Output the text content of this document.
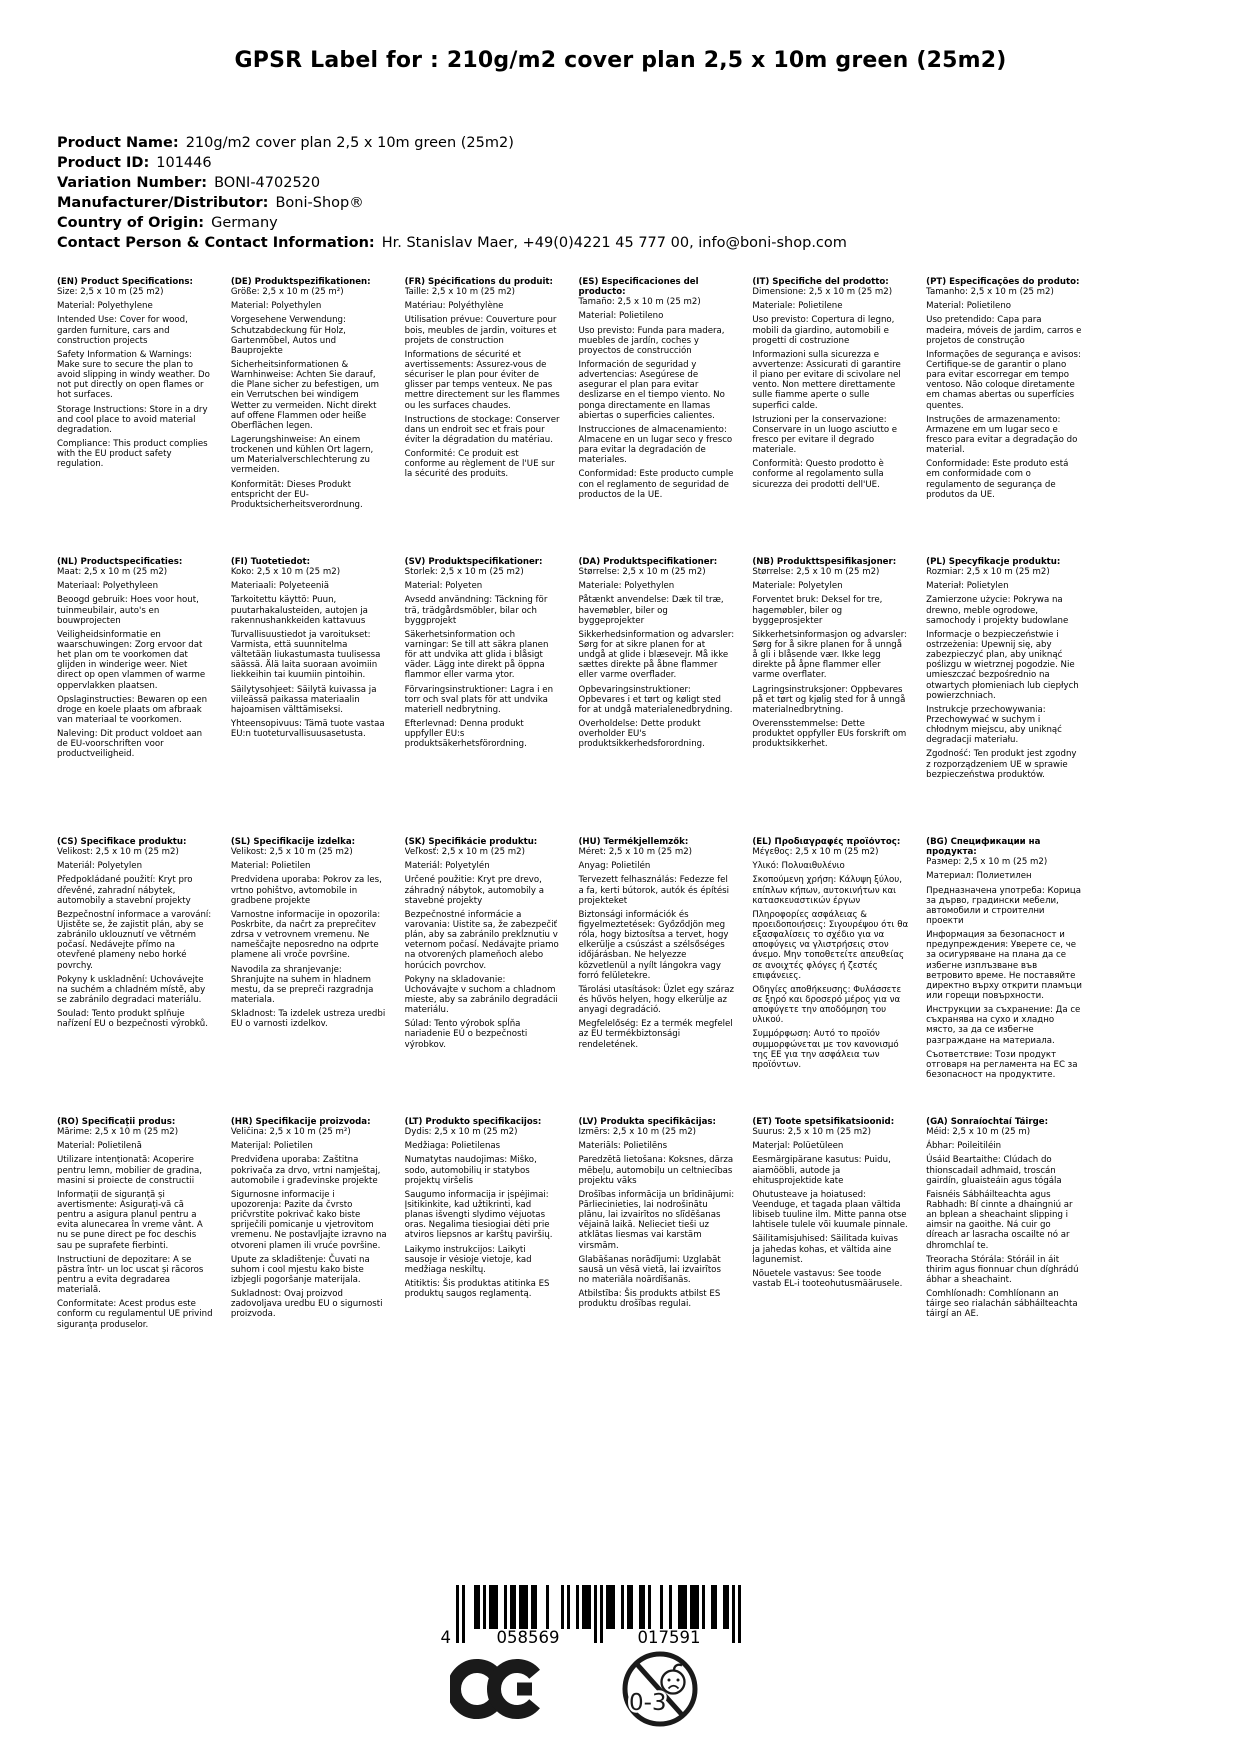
GPSR Label for : 210g/m2 cover plan 2,5 x 10m green (25m2)
Product Name: 210g/m2 cover plan 2,5 x 10m green (25m2)
Product ID: 101446
Variation Number: BONI-4702520
Manufacturer/Distributor: Boni-Shop®
Country of Origin: Germany
Contact Person & Contact Information: Hr. Stanislav Maer, +49(0)4221 45 777 00, info@boni-shop.com
(EN) Product Specifications:
Size: 2,5 x 10 m (25 m2)

Material: Polyethylene

Intended Use: Cover for wood, garden furniture, cars and construction projects

Safety Information & Warnings: Make sure to secure the plan to avoid slipping in windy weather. Do not put directly on open flames or hot surfaces.

Storage Instructions: Store in a dry and cool place to avoid material degradation.

Compliance: This product complies with the EU product safety regulation.

(DE) Produktspezifikationen:
Größe: 2,5 x 10 m (25 m²)

Material: Polyethylen

Vorgesehene Verwendung: Schutzabdeckung für Holz, Gartenmöbel, Autos und Bauprojekte

Sicherheitsinformationen & Warnhinweise: Achten Sie darauf, die Plane sicher zu befestigen, um ein Verrutschen bei windigem Wetter zu vermeiden. Nicht direkt auf offene Flammen oder heiße Oberflächen legen.

Lagerungshinweise: An einem trockenen und kühlen Ort lagern, um Materialverschlechterung zu vermeiden.

Konformität: Dieses Produkt entspricht der EU-Produktsicherheitsverordnung.

(FR) Spécifications du produit:
Taille: 2,5 x 10 m (25 m2)

Matériau: Polyéthylène

Utilisation prévue: Couverture pour bois, meubles de jardin, voitures et projets de construction

Informations de sécurité et avertissements: Assurez-vous de sécuriser le plan pour éviter de glisser par temps venteux. Ne pas mettre directement sur les flammes ou les surfaces chaudes.

Instructions de stockage: Conserver dans un endroit sec et frais pour éviter la dégradation du matériau.

Conformité: Ce produit est conforme au règlement de l'UE sur la sécurité des produits.

(ES) Especificaciones del producto:
Tamaño: 2,5 x 10 m (25 m2)

Material: Polietileno

Uso previsto: Funda para madera, muebles de jardín, coches y proyectos de construcción

Información de seguridad y advertencias: Asegúrese de asegurar el plan para evitar deslizarse en el tiempo viento. No ponga directamente en llamas abiertas o superficies calientes.

Instrucciones de almacenamiento: Almacene en un lugar seco y fresco para evitar la degradación de materiales.

Conformidad: Este producto cumple con el reglamento de seguridad de productos de la UE.

(IT) Specifiche del prodotto:
Dimensione: 2,5 x 10 m (25 m2)

Materiale: Polietilene

Uso previsto: Copertura di legno, mobili da giardino, automobili e progetti di costruzione

Informazioni sulla sicurezza e avvertenze: Assicurati di garantire il piano per evitare di scivolare nel vento. Non mettere direttamente sulle fiamme aperte o sulle superfici calde.

Istruzioni per la conservazione: Conservare in un luogo asciutto e fresco per evitare il degrado materiale.

Conformità: Questo prodotto è conforme al regolamento sulla sicurezza dei prodotti dell'UE.

(PT) Especificações do produto:
Tamanho: 2,5 x 10 m (25 m2)

Material: Polietileno

Uso pretendido: Capa para madeira, móveis de jardim, carros e projetos de construção

Informações de segurança e avisos: Certifique-se de garantir o plano para evitar escorregar em tempo ventoso. Não coloque diretamente em chamas abertas ou superfícies quentes.

Instruções de armazenamento: Armazene em um lugar seco e fresco para evitar a degradação do material.

Conformidade: Este produto está em conformidade com o regulamento de segurança de produtos da UE.

(NL) Productspecificaties:
Maat: 2,5 x 10 m (25 m2)

Materiaal: Polyethyleen

Beoogd gebruik: Hoes voor hout, tuinmeubilair, auto's en bouwprojecten

Veiligheidsinformatie en waarschuwingen: Zorg ervoor dat het plan om te voorkomen dat glijden in winderige weer. Niet direct op open vlammen of warme oppervlakken plaatsen.

Opslaginstructies: Bewaren op een droge en koele plaats om afbraak van materiaal te voorkomen.

Naleving: Dit product voldoet aan de EU-voorschriften voor productveiligheid.

(FI) Tuotetiedot:
Koko: 2,5 x 10 m (25 m2)

Materiaali: Polyeteeniä

Tarkoitettu käyttö: Puun, puutarhakalusteiden, autojen ja rakennushankkeiden kattavuus

Turvallisuustiedot ja varoitukset: Varmista, että suunnitelma vältetään liukastumasta tuulisessa säässä. Älä laita suoraan avoimiin liekkeihin tai kuumiin pintoihin.

Säilytysohjeet: Säilytä kuivassa ja viileässä paikassa materiaalin hajoamisen välttämiseksi.

Yhteensopivuus: Tämä tuote vastaa EU:n tuoteturvallisuusasetusta.

(SV) Produktspecifikationer:
Storlek: 2,5 x 10 m (25 m2)

Material: Polyeten

Avsedd användning: Täckning för trä, trädgårdsmöbler, bilar och byggprojekt

Säkerhetsinformation och varningar: Se till att säkra planen för att undvika att glida i blåsigt väder. Lägg inte direkt på öppna flammor eller varma ytor.

Förvaringsinstruktioner: Lagra i en torr och sval plats för att undvika materiell nedbrytning.

Efterlevnad: Denna produkt uppfyller EU:s produktsäkerhetsförordning.

(DA) Produktspecifikationer:
Størrelse: 2,5 x 10 m (25 m2)

Materiale: Polyethylen

Påtænkt anvendelse: Dæk til træ, havemøbler, biler og byggeprojekter

Sikkerhedsinformation og advarsler: Sørg for at sikre planen for at undgå at glide i blæsevejr. Må ikke sættes direkte på åbne flammer eller varme overflader.

Opbevaringsinstruktioner: Opbevares i et tørt og køligt sted for at undgå materialenedbrydning.

Overholdelse: Dette produkt overholder EU's produktsikkerhedsforordning.

(NB) Produkttspesifikasjoner:
Størrelse: 2,5 x 10 m (25 m2)

Materiale: Polyetylen

Forventet bruk: Deksel for tre, hagemøbler, biler og byggeprosjekter

Sikkerhetsinformasjon og advarsler: Sørg for å sikre planen for å unngå å gli i blåsende vær. Ikke legg direkte på åpne flammer eller varme overflater.

Lagringsinstruksjoner: Oppbevares på et tørt og kjølig sted for å unngå materialnedbrytning.

Overensstemmelse: Dette produktet oppfyller EUs forskrift om produktsikkerhet.

(PL) Specyfikacje produktu:
Rozmiar: 2,5 x 10 m (25 m2)

Materiał: Polietylen

Zamierzone użycie: Pokrywa na drewno, meble ogrodowe, samochody i projekty budowlane

Informacje o bezpieczeństwie i ostrzeżenia: Upewnij się, aby zabezpieczyć plan, aby uniknąć poślizgu w wietrznej pogodzie. Nie umieszczać bezpośrednio na otwartych płomieniach lub ciepłych powierzchniach.

Instrukcje przechowywania: Przechowywać w suchym i chłodnym miejscu, aby uniknąć degradacji materiału.

Zgodność: Ten produkt jest zgodny z rozporządzeniem UE w sprawie bezpieczeństwa produktów.

(CS) Specifikace produktu:
Velikost: 2,5 x 10 m (25 m2)

Materiál: Polyetylen

Předpokládané použití: Kryt pro dřevěné, zahradní nábytek, automobily a stavební projekty

Bezpečnostní informace a varování: Ujistěte se, že zajistit plán, aby se zabránilo uklouznutí ve větrném počasí. Nedávejte přímo na otevřené plameny nebo horké povrchy.

Pokyny k uskladnění: Uchovávejte na suchém a chladném místě, aby se zabránilo degradaci materiálu.

Soulad: Tento produkt splňuje nařízení EU o bezpečnosti výrobků.

(SL) Specifikacije izdelka:
Velikost: 2,5 x 10 m (25 m2)

Material: Polietilen

Predvidena uporaba: Pokrov za les, vrtno pohištvo, avtomobile in gradbene projekte

Varnostne informacije in opozorila: Poskrbite, da načrt za preprečitev zdrsa v vetrovnem vremenu. Ne nameščajte neposredno na odprte plamene ali vroče površine.

Navodila za shranjevanje: Shranjujte na suhem in hladnem mestu, da se prepreči razgradnja materiala.

Skladnost: Ta izdelek ustreza uredbi EU o varnosti izdelkov.

(SK) Špecifikácie produktu:
Veľkosť: 2,5 x 10 m (25 m2)

Materiál: Polyetylén

Určené použitie: Kryt pre drevo, záhradný nábytok, automobily a stavebné projekty

Bezpečnostné informácie a varovania: Uistite sa, že zabezpečiť plán, aby sa zabránilo prekĺznutiu v veternom počasí. Nedávajte priamo na otvorených plameňoch alebo horúcich povrchov.

Pokyny na skladovanie: Uchovávajte v suchom a chladnom mieste, aby sa zabránilo degradácii materiálu.

Súlad: Tento výrobok spĺňa nariadenie EÚ o bezpečnosti výrobkov.

(HU) Termékjellemzők:
Méret: 2,5 x 10 m (25 m2)

Anyag: Polietilén

Tervezett felhasználás: Fedezze fel a fa, kerti bútorok, autók és építési projekteket

Biztonsági információk és figyelmeztetések: Győződjön meg róla, hogy biztosítsa a tervet, hogy elkerülje a csúszást a szélsőséges időjárásban. Ne helyezze közvetlenül a nyílt lángokra vagy forró felületekre.

Tárolási utasítások: Üzlet egy száraz és hűvös helyen, hogy elkerülje az anyagi degradáció.

Megfelelőség: Ez a termék megfelel az EU termékbiztonsági rendeletének.

(EL) Προδιαγραφές προϊόντος:
Μέγεθος: 2,5 x 10 m (25 m2)

Υλικό: Πολυαιθυλένιο

Σκοπούμενη χρήση: Κάλυψη ξύλου, επίπλων κήπων, αυτοκινήτων και κατασκευαστικών έργων

Πληροφορίες ασφάλειας & προειδοποιήσεις: Σιγουρέψου ότι θα εξασφαλίσεις το σχέδιο για να αποφύγεις να γλιστρήσεις στον άνεμο. Μην τοποθετείτε απευθείας σε ανοιχτές φλόγες ή ζεστές επιφάνειες.

Οδηγίες αποθήκευσης: Φυλάσσετε σε ξηρό και δροσερό μέρος για να αποφύγετε την αποδόμηση του υλικού.

Συμμόρφωση: Αυτό το προϊόν συμμορφώνεται με τον κανονισμό της ΕΕ για την ασφάλεια των προϊόντων.

(BG) Спецификации на продукта:
Размер: 2,5 x 10 m (25 m2)

Материал: Полиетилен

Предназначена употреба: Корица за дърво, градински мебели, автомобили и строителни проекти

Информация за безопасност и предупреждения: Уверете се, че за осигуряване на плана да се избегне изплъзване във ветровито време. Не поставяйте директно върху открити пламъци или горещи повърхности.

Инструкции за съхранение: Да се съхранява на сухо и хладно място, за да се избегне разграждане на материала.

Съответствие: Този продукт отговаря на регламента на ЕС за безопасност на продуктите.

(RO) Specificații produs:
Mărime: 2,5 x 10 m (25 m2)

Material: Polietilenă

Utilizare intenționată: Acoperire pentru lemn, mobilier de gradina, masini si proiecte de constructii

Informații de siguranță și avertismente: Asigurați-vă că pentru a asigura planul pentru a evita alunecarea în vreme vânt. A nu se pune direct pe foc deschis sau pe suprafete fierbinti.

Instructiuni de depozitare: A se păstra într- un loc uscat și răcoros pentru a evita degradarea materială.

Conformitate: Acest produs este conform cu regulamentul UE privind siguranța produselor.

(HR) Specifikacije proizvoda:
Veličina: 2,5 x 10 m (25 m²)

Materijal: Polietilen

Predviđena uporaba: Zaštitna pokrivača za drvo, vrtni namještaj, automobile i građevinske projekte

Sigurnosne informacije i upozorenja: Pazite da čvrsto pričvrstite pokrivač kako biste spriječili pomicanje u vjetrovitom vremenu. Ne postavljajte izravno na otvoreni plamen ili vruće površine.

Upute za skladištenje: Čuvati na suhom i cool mjestu kako biste izbjegli pogoršanje materijala.

Sukladnost: Ovaj proizvod zadovoljava uredbu EU o sigurnosti proizvoda.

(LT) Produkto specifikacijos:
Dydis: 2,5 x 10 m (25 m2)

Medžiaga: Polietilenas

Numatytas naudojimas: Miško, sodo, automobilių ir statybos projektų viršelis

Saugumo informacija ir įspėjimai: Įsitikinkite, kad užtikrinti, kad planas išvengti slydimo vėjuotas oras. Negalima tiesiogiai dėti prie atviros liepsnos ar karštų paviršių.

Laikymo instrukcijos: Laikyti sausoje ir vėsioje vietoje, kad medžiaga neskiltų.

Atitiktis: Šis produktas atitinka ES produktų saugos reglamentą.

(LV) Produkta specifikācijas:
Izmērs: 2,5 x 10 m (25 m2)

Materiāls: Polietilēns

Paredzētā lietošana: Koksnes, dārza mēbeļu, automobiļu un celtniecības projektu vāks

Drošības informācija un brīdinājumi: Pārliecinieties, lai nodrošinātu plānu, lai izvairītos no slīdēšanas vējainā laikā. Nelieciet tieši uz atklātas liesmas vai karstām virsmām.

Glabāšanas norādījumi: Uzglabāt sausā un vēsā vietā, lai izvairītos no materiāla noārdīšanās.

Atbilstība: Šis produkts atbilst ES produktu drošības regulai.

(ET) Toote spetsifikatsioonid:
Suurus: 2,5 x 10 m (25 m2)

Materjal: Polüetüleen

Eesmärgipärane kasutus: Puidu, aiamööbli, autode ja ehitusprojektide kate

Ohutusteave ja hoiatused: Veenduge, et tagada plaan vältida libiseb tuuline ilm. Mitte panna otse lahtisele tulele või kuumale pinnale.

Säilitamisjuhised: Säilitada kuivas ja jahedas kohas, et vältida aine lagunemist.

Nõuetele vastavus: See toode vastab EL-i tooteohutusmäärusele.

(GA) Sonraíochtaí Táirge:
Méid: 2,5 x 10 m (25 m)

Ábhar: Poileitiléin

Úsáid Beartaithe: Clúdach do thionscadail adhmaid, troscán gairdín, gluaisteáin agus tógála

Faisnéis Sábháilteachta agus Rabhadh: Bí cinnte a dhaingniú ar an bplean a sheachaint slipping i aimsir na gaoithe. Ná cuir go díreach ar lasracha oscailte nó ar dhromchlaí te.

Treoracha Stórála: Stóráil in áit thirim agus fionnuar chun díghrádú ábhar a sheachaint.

Comhlíonadh: Comhlíonann an táirge seo rialachán sábháilteachta táirgí an AE.

4	058569	017591
0-3
